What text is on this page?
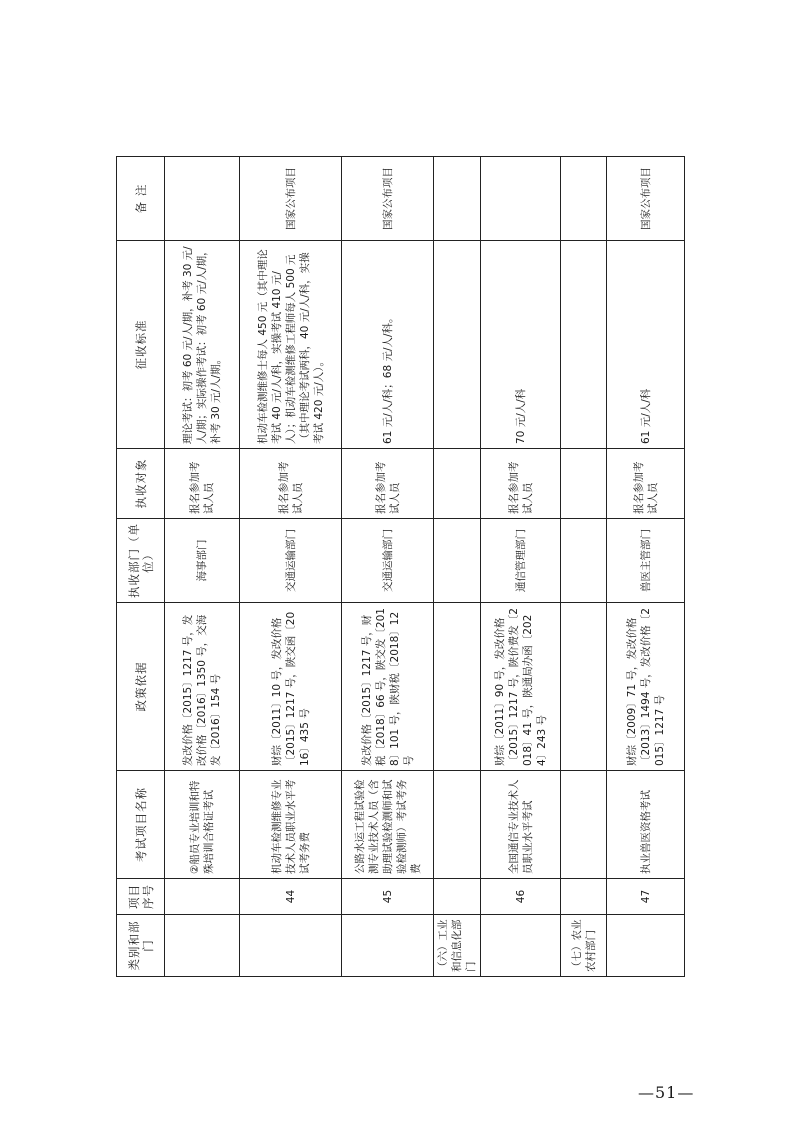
类别和部门	项目序号	考试项目名称	政策依据	执收部门（单位）	执收对象	征收标准	备 注
		②船员专业培训和特殊培训合格证考试	发改价格〔2015〕1217 号，发改价格〔2016〕1350 号，交海发〔2016〕154 号	海事部门	报名参加考试人员	理论考试：初考 60 元/人/期，补考 30 元/人/期；实际操作考试：初考 60 元/人/期，补考 30 元/人/期。	
	44	机动车检测维修专业技术人员职业水平考试考务费	财综〔2011〕10 号，发改价格〔2015〕1217 号，陕交函〔2016〕435 号	交通运输部门	报名参加考试人员	机动车检测维修士每人 450 元（其中理论考试 40 元/人/科，实操考试 410 元/人）；机动车检测维修工程师每人 500 元（其中理论考试两科，40 元/人/科，实操考试 420 元/人）。	国家公布项目
	45	公路水运工程试验检测专业技术人员（含助理试验检测师和试验检测师）考试考务费	发改价格〔2015〕1217 号，财税〔2018〕66 号，陕交发〔2018〕101 号，陕财税〔2018〕12 号	交通运输部门	报名参加考试人员	61 元/人/科；68 元/人/科。	国家公布项目
（六）工业和信息化部门							
	46	全国通信专业技术人员职业水平考试	财综〔2011〕90 号，发改价格〔2015〕1217 号，陕价费发〔2018〕41 号，陕通局办函〔2024〕243 号	通信管理部门	报名参加考试人员	70 元/人/科	
（七）农业农村部门							
	47	执业兽医资格考试	财综〔2009〕71 号，发改价格〔2013〕1494 号，发改价格〔2015〕1217 号	兽医主管部门	报名参加考试人员	61 元/人/科	国家公布项目
—51—
